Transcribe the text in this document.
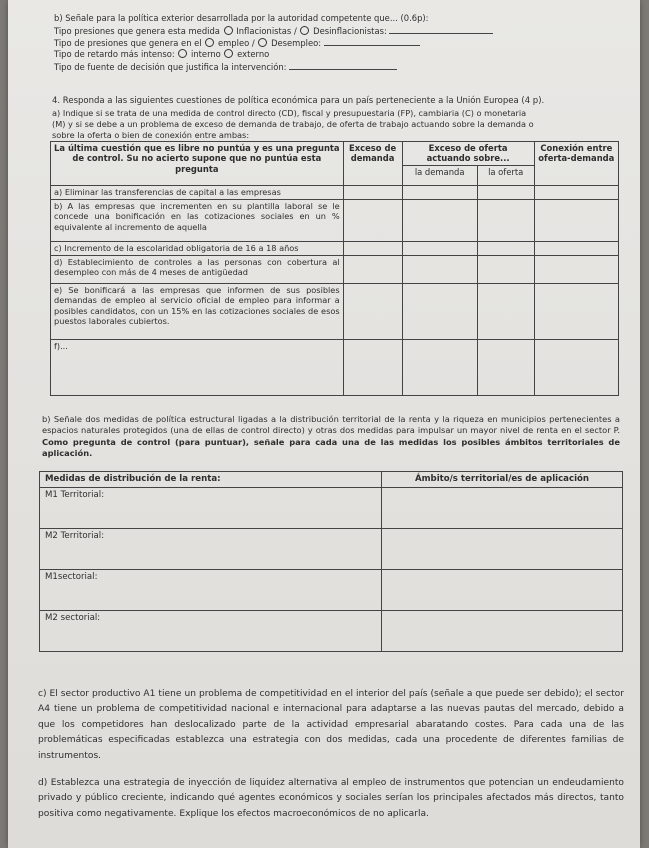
b) Señale para la política exterior desarrollada por la autoridad competente que... (0.6p):
Tipo presiones que genera esta medida Inflacionistas / Desinflacionistas:
Tipo de presiones que genera en el empleo / Desempleo:
Tipo de retardo más intenso: interno externo
Tipo de fuente de decisión que justifica la intervención:
4. Responda a las siguientes cuestiones de política económica para un país perteneciente a la Unión Europea (4 p).
a) Indique si se trata de una medida de control directo (CD), fiscal y presupuestaria (FP), cambiaria (C) o monetaria
(M) y si se debe a un problema de exceso de demanda de trabajo, de oferta de trabajo actuando sobre la demanda o
sobre la oferta o bien de conexión entre ambas:
La última cuestión que es libre no puntúa y es una pregunta de control. Su no acierto supone que no puntúa esta pregunta	Exceso de demanda	Exceso de oferta actuando sobre...		Conexión entre oferta-demanda
		la demanda	la oferta	
a) Eliminar las transferencias de capital a las empresas				
b) A las empresas que incrementen en su plantilla laboral se le concede una bonificación en las cotizaciones sociales en un % equivalente al incremento de aquella				
c) Incremento de la escolaridad obligatoria de 16 a 18 años				
d) Establecimiento de controles a las personas con cobertura al desempleo con más de 4 meses de antigüedad				
e) Se bonificará a las empresas que informen de sus posibles demandas de empleo al servicio oficial de empleo para informar a posibles candidatos, con un 15% en las cotizaciones sociales de esos puestos laborales cubiertos.				
f)...				
b) Señale dos medidas de política estructural ligadas a la distribución territorial de la renta y la riqueza en municipios pertenecientes a espacios naturales protegidos (una de ellas de control directo) y otras dos medidas para impulsar un mayor nivel de renta en el sector P. Como pregunta de control (para puntuar), señale para cada una de las medidas los posibles ámbitos territoriales de aplicación.
Medidas de distribución de la renta:	Ámbito/s territorial/es de aplicación
M1 Territorial:	
M2 Territorial:	
M1sectorial:	
M2 sectorial:	
c) El sector productivo A1 tiene un problema de competitividad en el interior del país (señale a que puede ser debido); el sector A4 tiene un problema de competitividad nacional e internacional para adaptarse a las nuevas pautas del mercado, debido a que los competidores han deslocalizado parte de la actividad empresarial abaratando costes. Para cada una de las problemáticas especificadas establezca una estrategia con dos medidas, cada una procedente de diferentes familias de instrumentos.
d) Establezca una estrategia de inyección de liquidez alternativa al empleo de instrumentos que potencian un endeudamiento privado y público creciente, indicando qué agentes económicos y sociales serían los principales afectados más directos, tanto positiva como negativamente. Explique los efectos macroeconómicos de no aplicarla.
